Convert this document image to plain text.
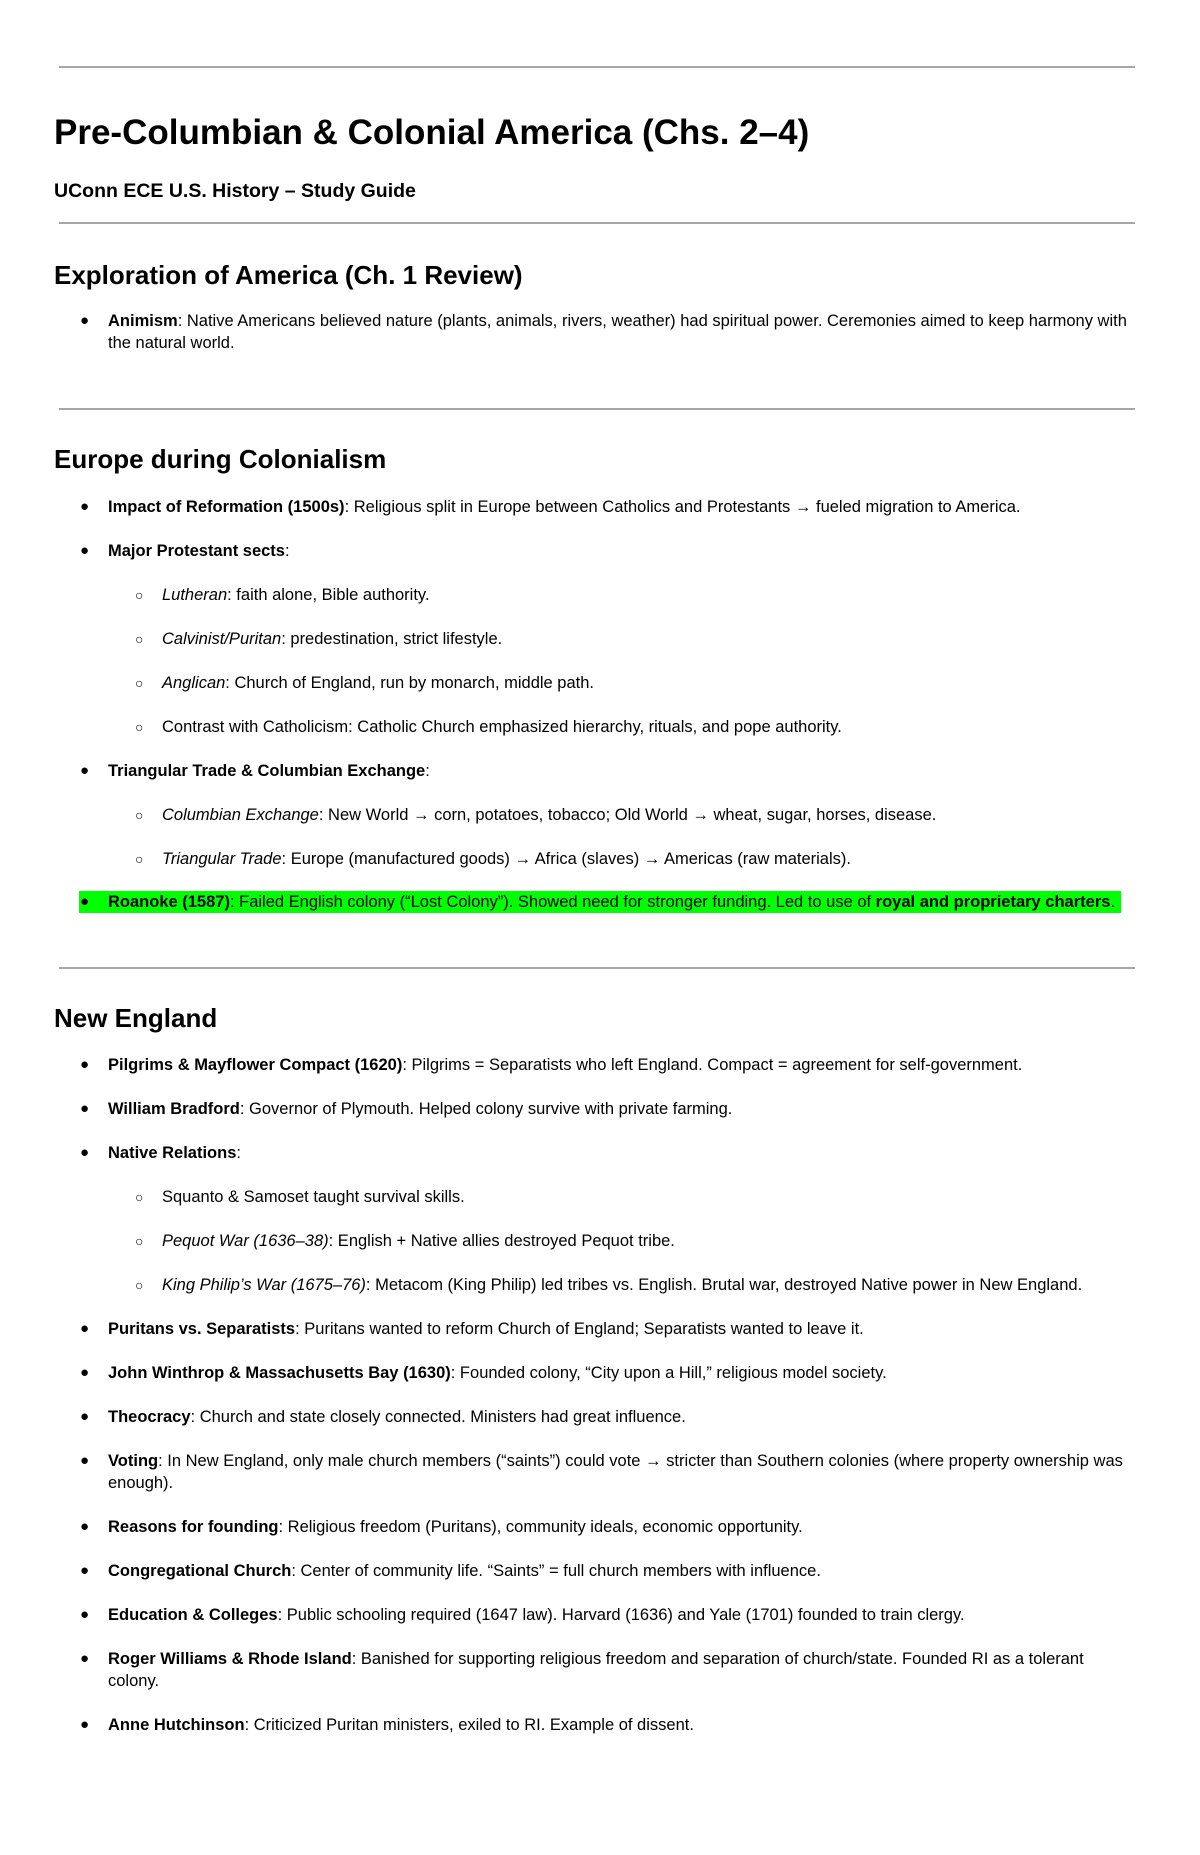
Pre-Columbian & Colonial America (Chs. 2–4)
UConn ECE U.S. History – Study Guide
Exploration of America (Ch. 1 Review)
● Animism: Native Americans believed nature (plants, animals, rivers, weather) had spiritual power. Ceremonies aimed to keep harmony with
the natural world.
Europe during Colonialism
● Impact of Reformation (1500s): Religious split in Europe between Catholics and Protestants → fueled migration to America.
● Major Protestant sects:
○ Lutheran: faith alone, Bible authority.
○ Calvinist/Puritan: predestination, strict lifestyle.
○ Anglican: Church of England, run by monarch, middle path.
○ Contrast with Catholicism: Catholic Church emphasized hierarchy, rituals, and pope authority.
● Triangular Trade & Columbian Exchange:
○ Columbian Exchange: New World → corn, potatoes, tobacco; Old World → wheat, sugar, horses, disease.
○ Triangular Trade: Europe (manufactured goods) → Africa (slaves) → Americas (raw materials).
● Roanoke (1587): Failed English colony (“Lost Colony”). Showed need for stronger funding. Led to use of royal and proprietary charters.
New England
● Pilgrims & Mayflower Compact (1620): Pilgrims = Separatists who left England. Compact = agreement for self-government.
● William Bradford: Governor of Plymouth. Helped colony survive with private farming.
● Native Relations:
○ Squanto & Samoset taught survival skills.
○ Pequot War (1636–38): English + Native allies destroyed Pequot tribe.
○ King Philip’s War (1675–76): Metacom (King Philip) led tribes vs. English. Brutal war, destroyed Native power in New England.
● Puritans vs. Separatists: Puritans wanted to reform Church of England; Separatists wanted to leave it.
● John Winthrop & Massachusetts Bay (1630): Founded colony, “City upon a Hill,” religious model society.
● Theocracy: Church and state closely connected. Ministers had great influence.
● Voting: In New England, only male church members (“saints”) could vote → stricter than Southern colonies (where property ownership was
enough).
● Reasons for founding: Religious freedom (Puritans), community ideals, economic opportunity.
● Congregational Church: Center of community life. “Saints” = full church members with influence.
● Education & Colleges: Public schooling required (1647 law). Harvard (1636) and Yale (1701) founded to train clergy.
● Roger Williams & Rhode Island: Banished for supporting religious freedom and separation of church/state. Founded RI as a tolerant
colony.
● Anne Hutchinson: Criticized Puritan ministers, exiled to RI. Example of dissent.
